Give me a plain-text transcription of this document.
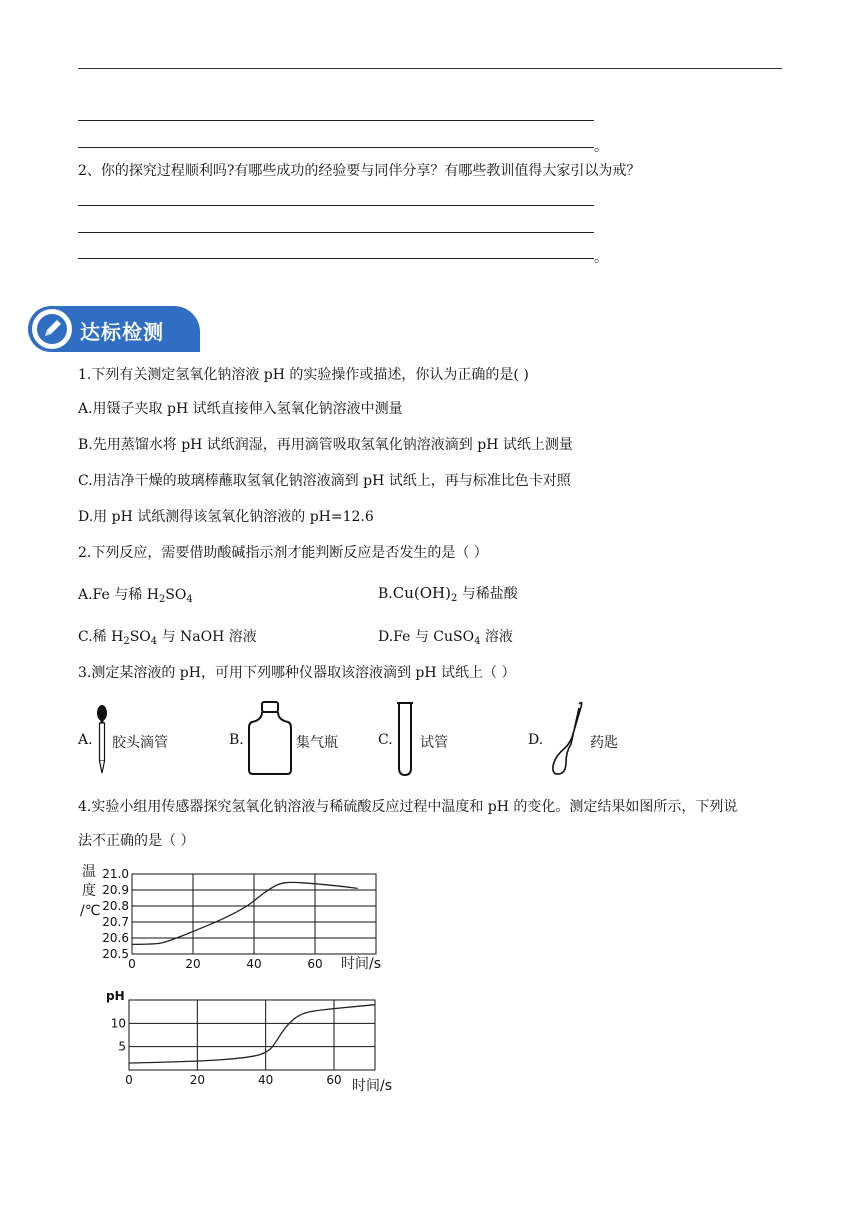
。
2、你的探究过程顺利吗?有哪些成功的经验要与同伴分享？有哪些教训值得大家引以为戒？
。
达标检测
1.下列有关测定氢氧化钠溶液 pH 的实验操作或描述，你认为正确的是( )
A.用镊子夹取 pH 试纸直接伸入氢氧化钠溶液中测量
B.先用蒸馏水将 pH 试纸润湿，再用滴管吸取氢氧化钠溶液滴到 pH 试纸上测量
C.用洁净干燥的玻璃棒蘸取氢氧化钠溶液滴到 pH 试纸上，再与标准比色卡对照
D.用 pH 试纸测得该氢氧化钠溶液的 pH=12.6
2.下列反应，需要借助酸碱指示剂才能判断反应是否发生的是（ ）
A.Fe 与稀 $H_2SO_4$	$B.Cu(OH)_2$ 与稀盐酸
C.稀 $H_2SO_4$ 与 NaOH 溶液	D.Fe 与 CuSO$_4$ 溶液
3.测定某溶液的 pH，可用下列哪种仪器取该溶液滴到 pH 试纸上（ ）
A. 胶头滴管	B.	集气瓶	C. 试管	D.	药匙
4.实验小组用传感器探究氢氧化钠溶液与稀硫酸反应过程中温度和 pH 的变化。测定结果如图所示，下列说
法不正确的是（ ）
温
度
/℃
时间/s
20.5
20.6
20.7
20.8
20.9
21.0
0	20	40	60
pH
时间/s
5
10
0	20	40	60
